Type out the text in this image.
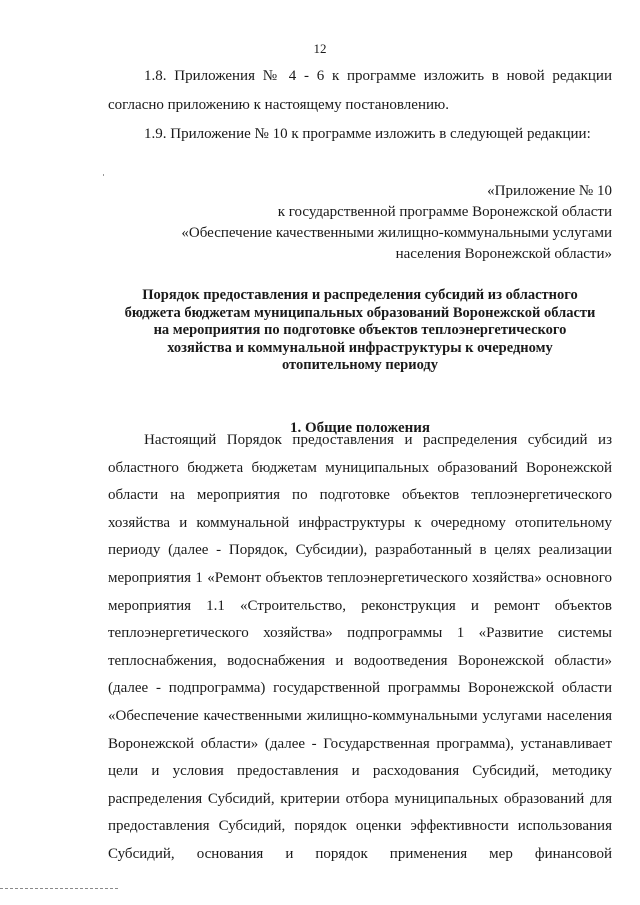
12

1.8. Приложения № 4 - 6 к программе изложить в новой редакции согласно приложению к настоящему постановлению.

1.9. Приложение № 10 к программе изложить в следующей редакции:

«Приложение № 10
к государственной программе Воронежской области
«Обеспечение качественными жилищно-коммунальными услугами
населения Воронежской области»
Порядок предоставления и распределения субсидий из областного
бюджета бюджетам муниципальных образований Воронежской области
на мероприятия по подготовке объектов теплоэнергетического
хозяйства и коммунальной инфраструктуры к очередному
отопительному периоду
1. Общие положения

Настоящий Порядок предоставления и распределения субсидий из областного бюджета бюджетам муниципальных образований Воронежской области на мероприятия по подготовке объектов теплоэнергетического хозяйства и коммунальной инфраструктуры к очередному отопительному периоду (далее - Порядок, Субсидии), разработанный в целях реализации мероприятия 1 «Ремонт объектов теплоэнергетического хозяйства» основного мероприятия 1.1 «Строительство, реконструкция и ремонт объектов теплоэнергетического хозяйства» подпрограммы 1 «Развитие системы теплоснабжения, водоснабжения и водоотведения Воронежской области» (далее - подпрограмма) государственной программы Воронежской области «Обеспечение качественными жилищно-коммунальными услугами населения Воронежской области» (далее - Государственная программа), устанавливает цели и условия предоставления и расходования Субсидий, методику распределения Субсидий, критерии отбора муниципальных образований для предоставления Субсидий, порядок оценки эффективности использования Субсидий, основания и порядок применения мер финансовой
